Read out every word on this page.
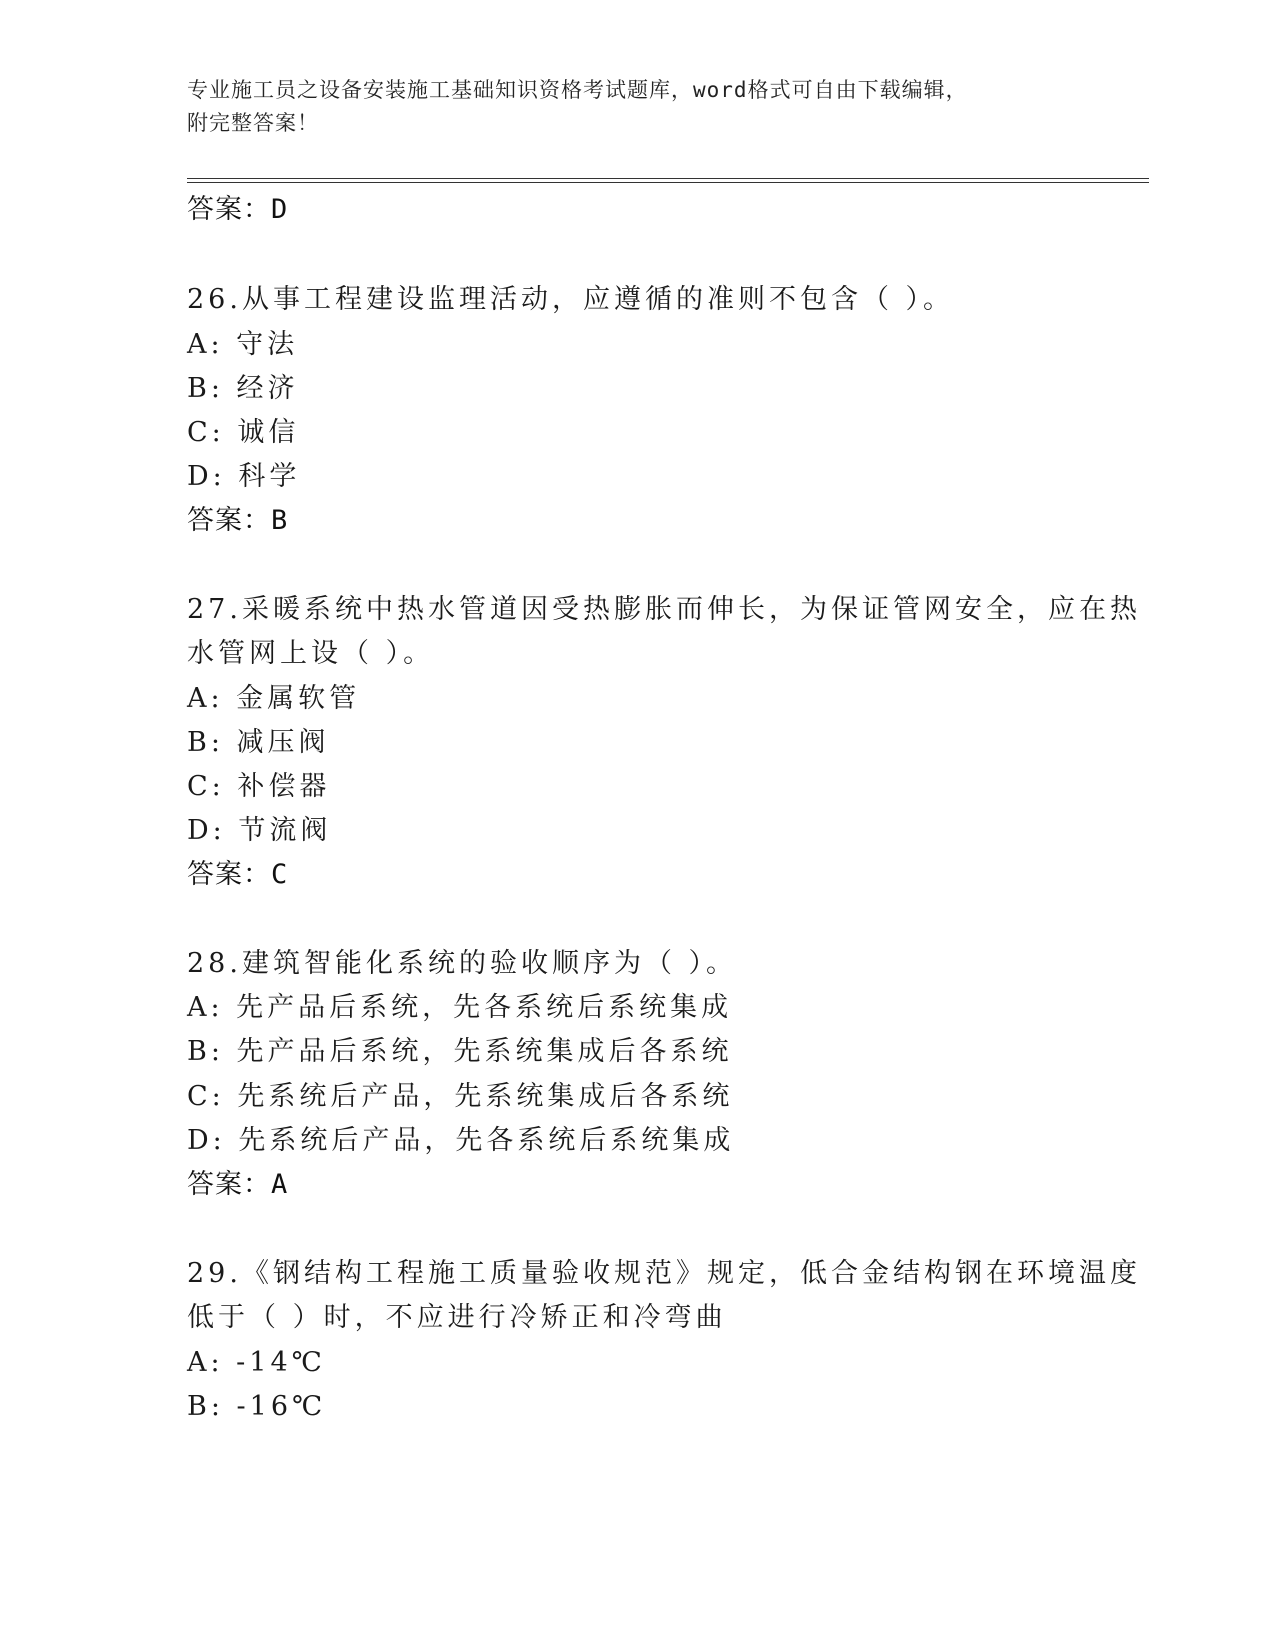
专业施工员之设备安装施工基础知识资格考试题库，word格式可自由下载编辑，
附完整答案！
答案：D
26.从事工程建设监理活动，应遵循的准则不包含（ ）。
A: 守法
B: 经济
C: 诚信
D: 科学
答案：B
27.采暖系统中热水管道因受热膨胀而伸长，为保证管网安全，应在热
水管网上设（ ）。
A: 金属软管
B: 减压阀
C: 补偿器
D: 节流阀
答案：C
28.建筑智能化系统的验收顺序为（ ）。
A: 先产品后系统，先各系统后系统集成
B: 先产品后系统，先系统集成后各系统
C: 先系统后产品，先系统集成后各系统
D: 先系统后产品，先各系统后系统集成
答案：A
29.《钢结构工程施工质量验收规范》规定，低合金结构钢在环境温度
低于（ ）时，不应进行冷矫正和冷弯曲
A: -14℃
B: -16℃
